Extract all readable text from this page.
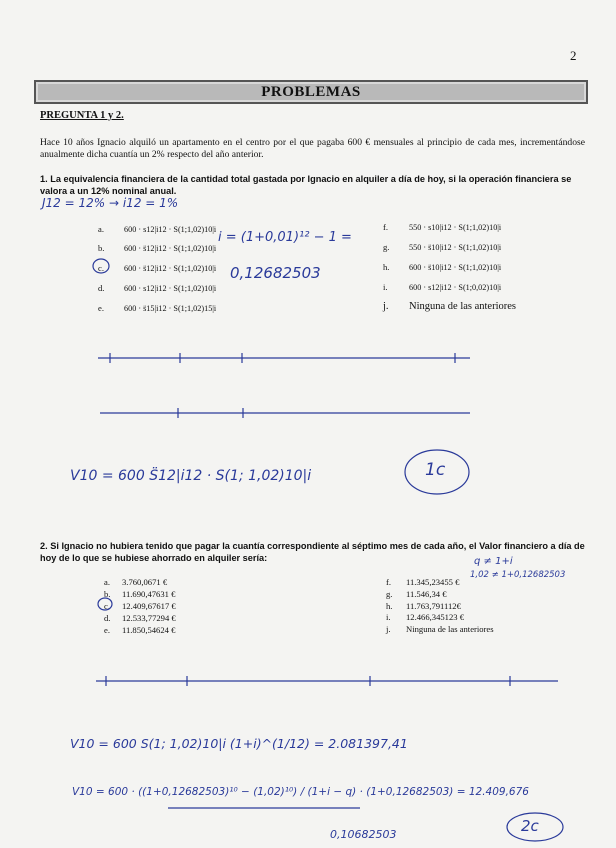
2
PROBLEMAS
PREGUNTA 1 y 2.
Hace 10 años Ignacio alquiló un apartamento en el centro por el que pagaba 600 € mensuales al principio de cada mes, incrementándose anualmente dicha cuantía un 2% respecto del año anterior.
1. La equivalencia financiera de la cantidad total gastada por Ignacio en alquiler a día de hoy, si la operación financiera se valora a un 12% nominal anual.
a. 600 · s12|i12 · S(1;1,02)10|i
b. 600 · s̈12|i12 · S(1;1,02)10|i
c. 600 · s̈12|i12 · S(1;1,02)10|i
d. 600 · s12|i12 · S(1;1,02)10|i
e. 600 · s̈15|i12 · S(1;1,02)15|i
f.	550 · s10|i12 · S(1;1,02)10|i
g. 550 · s̈10|i12 · S(1;1,02)10|i
h. 600 · s̈10|i12 · S(1;1,02)10|i
i.	600 · s12|i12 · S(1;0,02)10|i
j. Ninguna de las anteriores
2. Si Ignacio no hubiera tenido que pagar la cuantía correspondiente al séptimo mes de cada año, el Valor financiero a día de hoy de lo que se hubiese ahorrado en alquiler sería:
a. 3.760,0671 €
b. 11.690,47631 €
c. 12.409,67617 €
d. 12.533,77294 €
e. 11.850,54624 €
f. 11.345,23455 €
g. 11.546,34 €
h. 11.763,791112€
i. 12.466,345123 €
j. Ninguna de las anteriores
J12 = 12% → i12 = 1%
i = (1+0,01)¹² − 1 =
0,12682503
V10 = 600 S̈12|i12 · S(1; 1,02)10|i	1c
q ≠ 1+i
1,02 ≠ 1+0,12682503
V10 = 600 S(1; 1,02)10|i (1+i)^(1/12) = 2.081397,41
V10 = 600 · ((1+0,12682503)¹⁰ − (1,02)¹⁰) / (1+i − q) · (1+0,12682503) = 12.409,676
0,10682503	2c
